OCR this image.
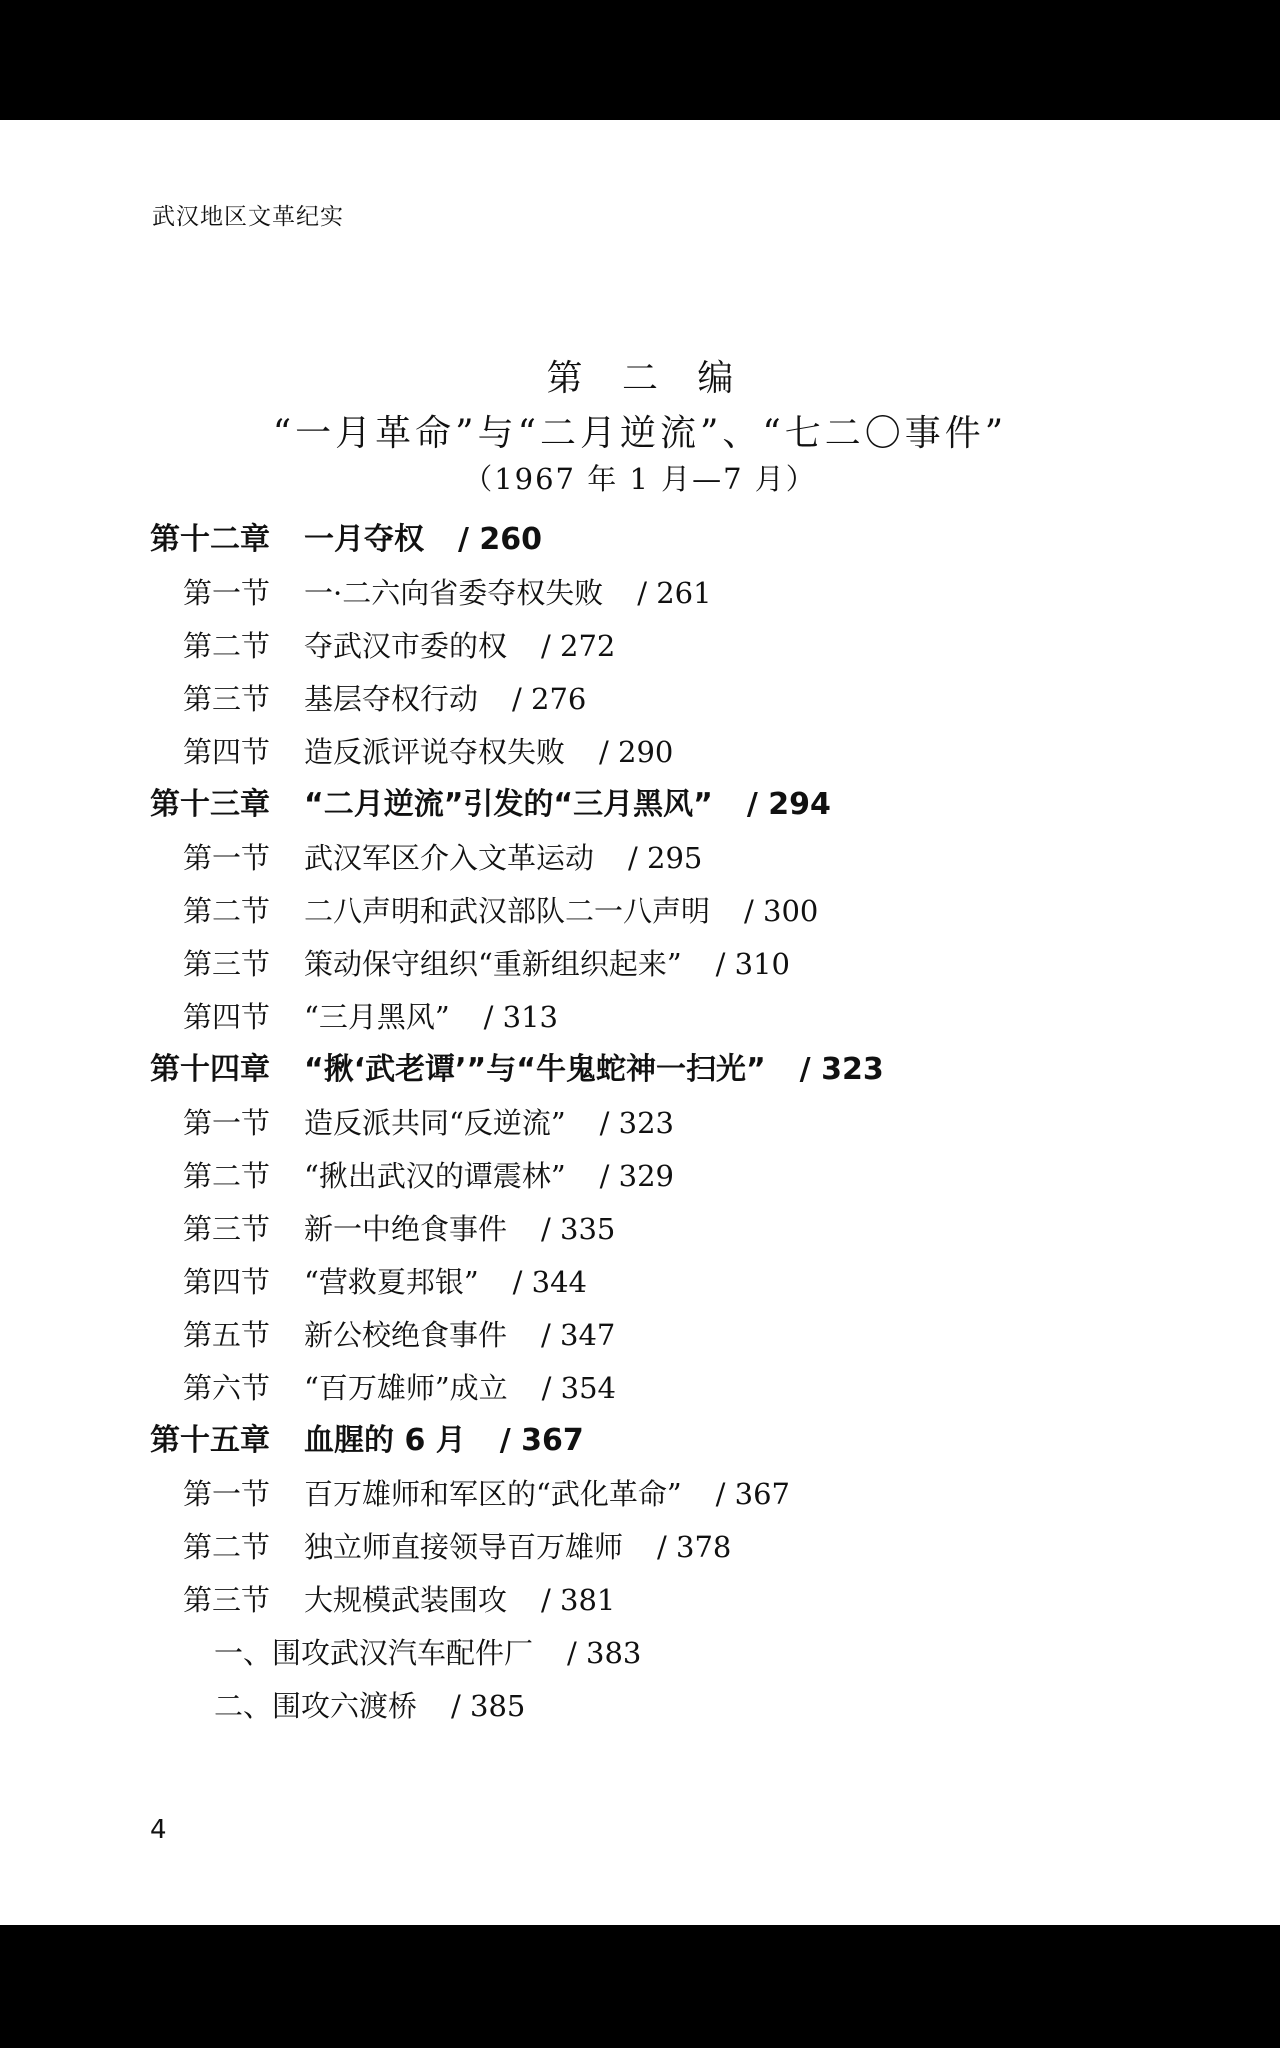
武汉地区文革纪实
第 二 编
“一月革命”与“二月逆流”、“七二〇事件”
（1967 年 1 月—7 月）
第十二章 一月夺权 / 260
第一节 一·二六向省委夺权失败 / 261
第二节 夺武汉市委的权 / 272
第三节 基层夺权行动 / 276
第四节 造反派评说夺权失败 / 290
第十三章 “二月逆流”引发的“三月黑风” / 294
第一节 武汉军区介入文革运动 / 295
第二节 二八声明和武汉部队二一八声明 / 300
第三节 策动保守组织“重新组织起来” / 310
第四节 “三月黑风” / 313
第十四章 “揪‘武老谭’”与“牛鬼蛇神一扫光” / 323
第一节 造反派共同“反逆流” / 323
第二节 “揪出武汉的谭震林” / 329
第三节 新一中绝食事件 / 335
第四节 “营救夏邦银” / 344
第五节 新公校绝食事件 / 347
第六节 “百万雄师”成立 / 354
第十五章 血腥的 6 月 / 367
第一节 百万雄师和军区的“武化革命” / 367
第二节 独立师直接领导百万雄师 / 378
第三节 大规模武装围攻 / 381
一、围攻武汉汽车配件厂 / 383
二、围攻六渡桥 / 385
4
